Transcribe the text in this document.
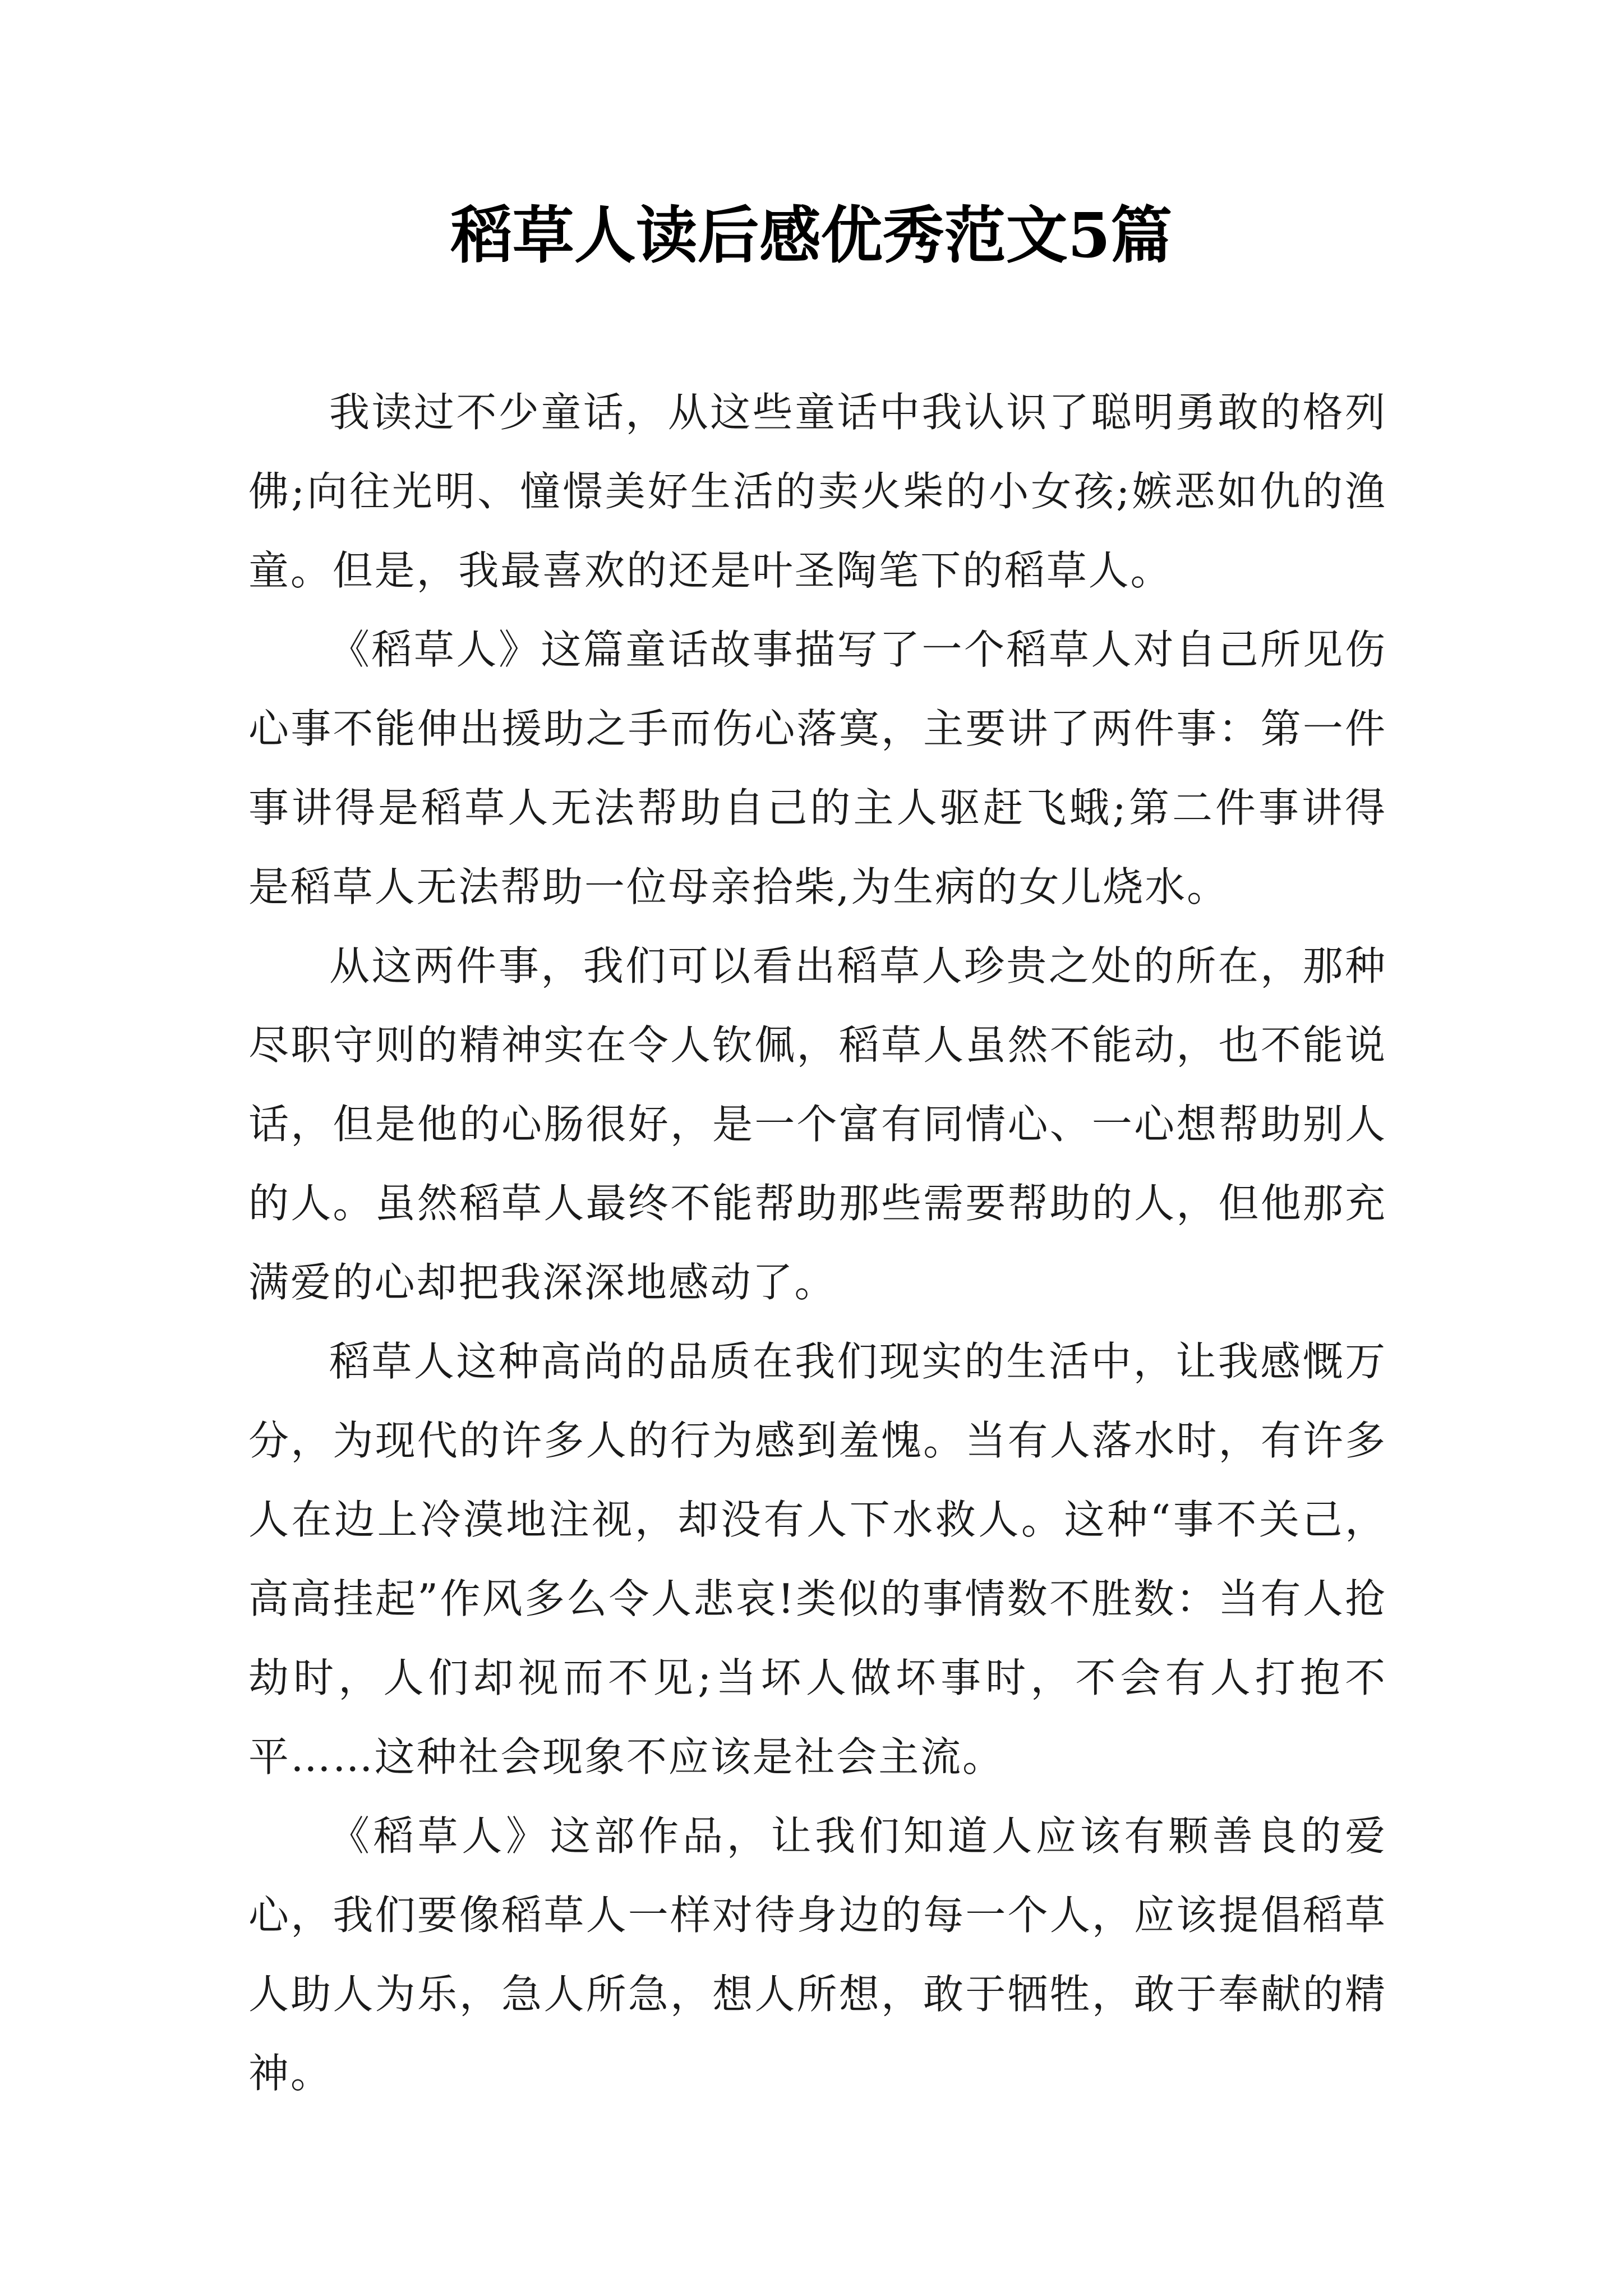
稻草人读后感优秀范文5篇

我读过不少童话，从这些童话中我认识了聪明勇敢的格列佛;向往光明、憧憬美好生活的卖火柴的小女孩;嫉恶如仇的渔童。但是，我最喜欢的还是叶圣陶笔下的稻草人。

《稻草人》这篇童话故事描写了一个稻草人对自己所见伤心事不能伸出援助之手而伤心落寞，主要讲了两件事：第一件事讲得是稻草人无法帮助自己的主人驱赶飞蛾;第二件事讲得是稻草人无法帮助一位母亲拾柴,为生病的女儿烧水。

从这两件事，我们可以看出稻草人珍贵之处的所在，那种尽职守则的精神实在令人钦佩，稻草人虽然不能动，也不能说话，但是他的心肠很好，是一个富有同情心、一心想帮助别人的人。虽然稻草人最终不能帮助那些需要帮助的人，但他那充满爱的心却把我深深地感动了。

稻草人这种高尚的品质在我们现实的生活中，让我感慨万分，为现代的许多人的行为感到羞愧。当有人落水时，有许多人在边上冷漠地注视，却没有人下水救人。这种“事不关己，高高挂起”作风多么令人悲哀!类似的事情数不胜数：当有人抢劫时，人们却视而不见;当坏人做坏事时，不会有人打抱不平……这种社会现象不应该是社会主流。

《稻草人》这部作品，让我们知道人应该有颗善良的爱心，我们要像稻草人一样对待身边的每一个人，应该提倡稻草人助人为乐，急人所急，想人所想，敢于牺牲，敢于奉献的精神。
